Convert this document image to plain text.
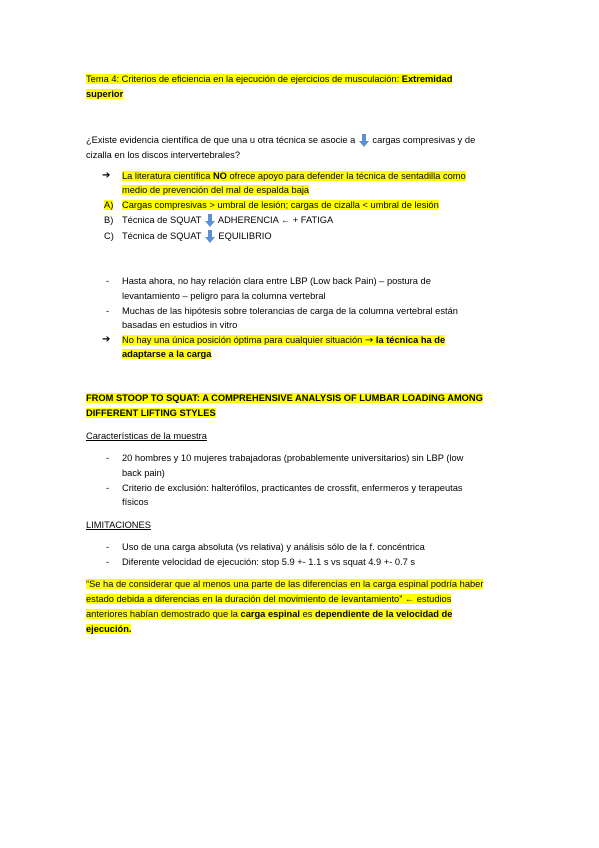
Tema 4: Criterios de eficiencia en la ejecución de ejercicios de musculación: Extremidad
superior
¿Existe evidencia científica de que una u otra técnica se asocie a
cargas compresivas y de
cizalla en los discos intervertebrales?
➔	La literatura científica NO ofrece apoyo para defender la técnica de sentadilla como
medio de prevención del mal de espalda baja
A) Cargas compresivas > umbral de lesión; cargas de cizalla < umbral de lesión
B) Técnica de SQUAT
ADHERENCIA ← + FATIGA
C) Técnica de SQUAT
EQUILIBRIO
-	Hasta ahora, no hay relación clara entre LBP (Low back Pain) – postura de
levantamiento – peligro para la columna vertebral
-	Muchas de las hipótesis sobre tolerancias de carga de la columna vertebral están
basadas en estudios in vitro
➔	No hay una única posición óptima para cualquier situación → la técnica ha de
adaptarse a la carga
FROM STOOP TO SQUAT: A COMPREHENSIVE ANALYSIS OF LUMBAR LOADING AMONG
DIFFERENT LIFTING STYLES
Características de la muestra
-	20 hombres y 10 mujeres trabajadoras (probablemente universitarios) sin LBP (low
back pain)
-	Criterio de exclusión: halterófilos, practicantes de crossfit, enfermeros y terapeutas
físicos
LIMITACIONES
-	Uso de una carga absoluta (vs relativa) y análisis sólo de la f. concéntrica
-	Diferente velocidad de ejecución: stop 5.9 +- 1.1 s vs squat 4.9 +- 0.7 s
“Se ha de considerar que al menos una parte de las diferencias en la carga espinal podría haber
estado debida a diferencias en la duración del movimiento de levantamiento” ← estudios
anteriores habían demostrado que la carga espinal es dependiente de la velocidad de
ejecución.
